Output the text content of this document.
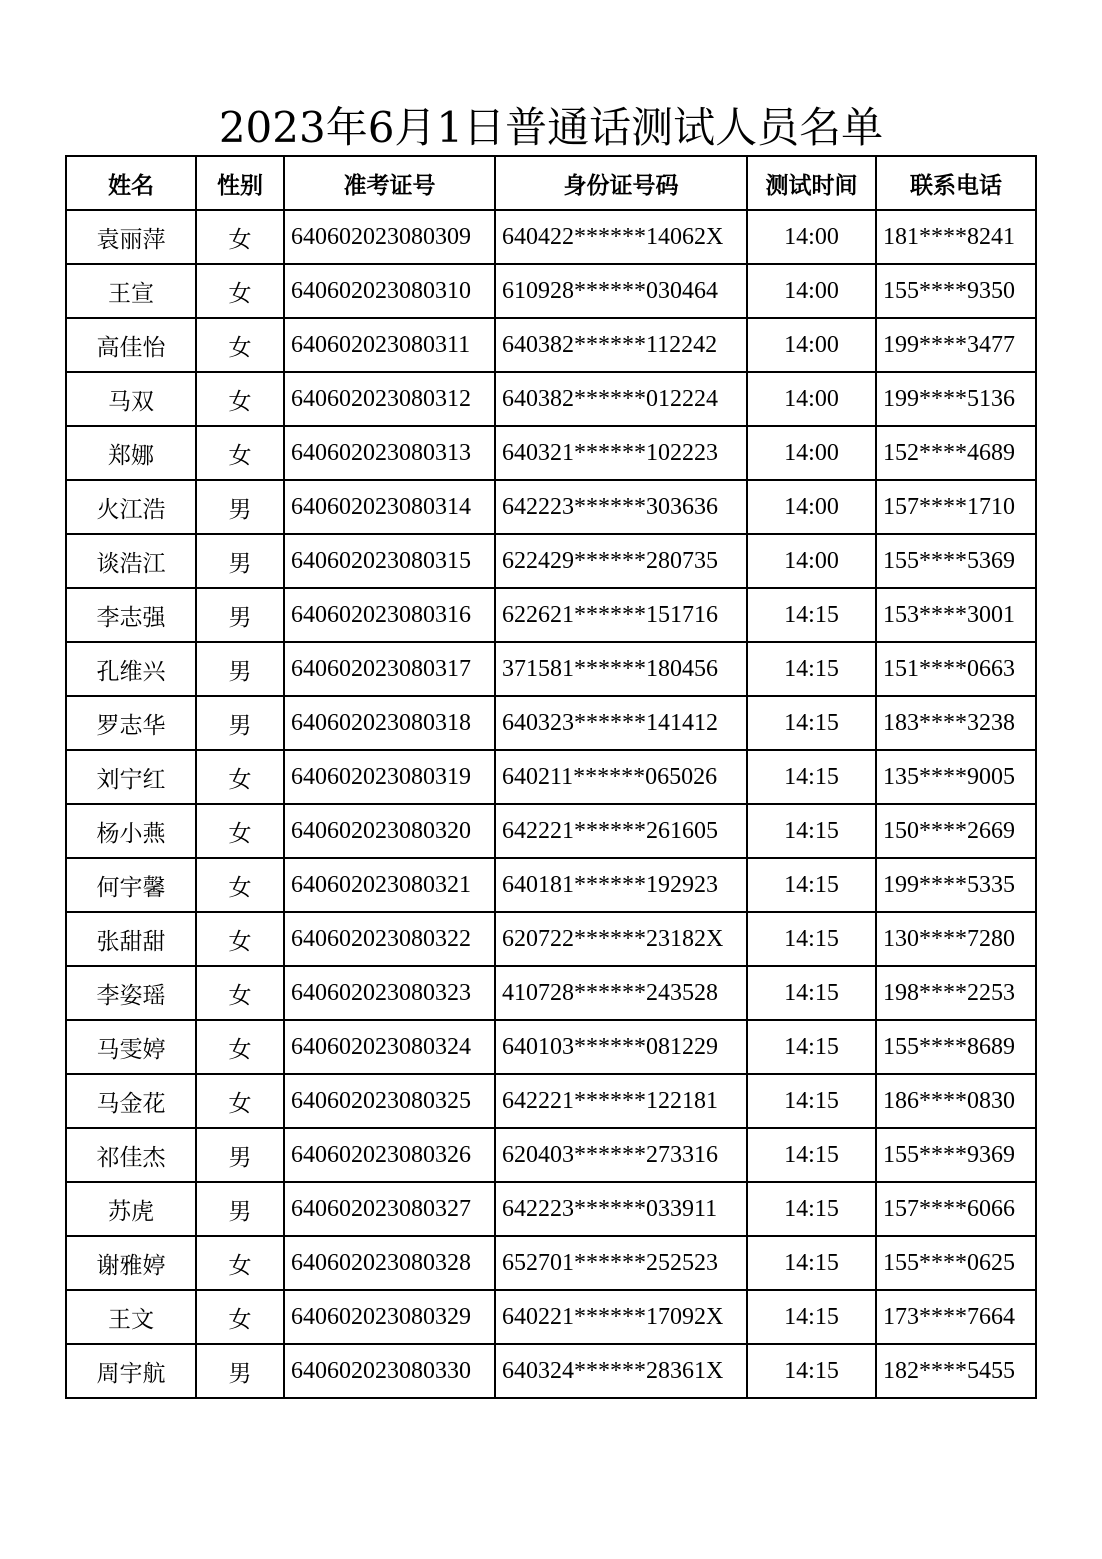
2023年6月1日普通话测试人员名单
姓名	性别	准考证号	身份证号码	测试时间	联系电话
袁丽萍	女	640602023080309	640422******14062X	14:00	181****8241
王宣	女	640602023080310	610928******030464	14:00	155****9350
高佳怡	女	640602023080311	640382******112242	14:00	199****3477
马双	女	640602023080312	640382******012224	14:00	199****5136
郑娜	女	640602023080313	640321******102223	14:00	152****4689
火江浩	男	640602023080314	642223******303636	14:00	157****1710
谈浩江	男	640602023080315	622429******280735	14:00	155****5369
李志强	男	640602023080316	622621******151716	14:15	153****3001
孔维兴	男	640602023080317	371581******180456	14:15	151****0663
罗志华	男	640602023080318	640323******141412	14:15	183****3238
刘宁红	女	640602023080319	640211******065026	14:15	135****9005
杨小燕	女	640602023080320	642221******261605	14:15	150****2669
何宇馨	女	640602023080321	640181******192923	14:15	199****5335
张甜甜	女	640602023080322	620722******23182X	14:15	130****7280
李姿瑶	女	640602023080323	410728******243528	14:15	198****2253
马雯婷	女	640602023080324	640103******081229	14:15	155****8689
马金花	女	640602023080325	642221******122181	14:15	186****0830
祁佳杰	男	640602023080326	620403******273316	14:15	155****9369
苏虎	男	640602023080327	642223******033911	14:15	157****6066
谢雅婷	女	640602023080328	652701******252523	14:15	155****0625
王文	女	640602023080329	640221******17092X	14:15	173****7664
周宇航	男	640602023080330	640324******28361X	14:15	182****5455
